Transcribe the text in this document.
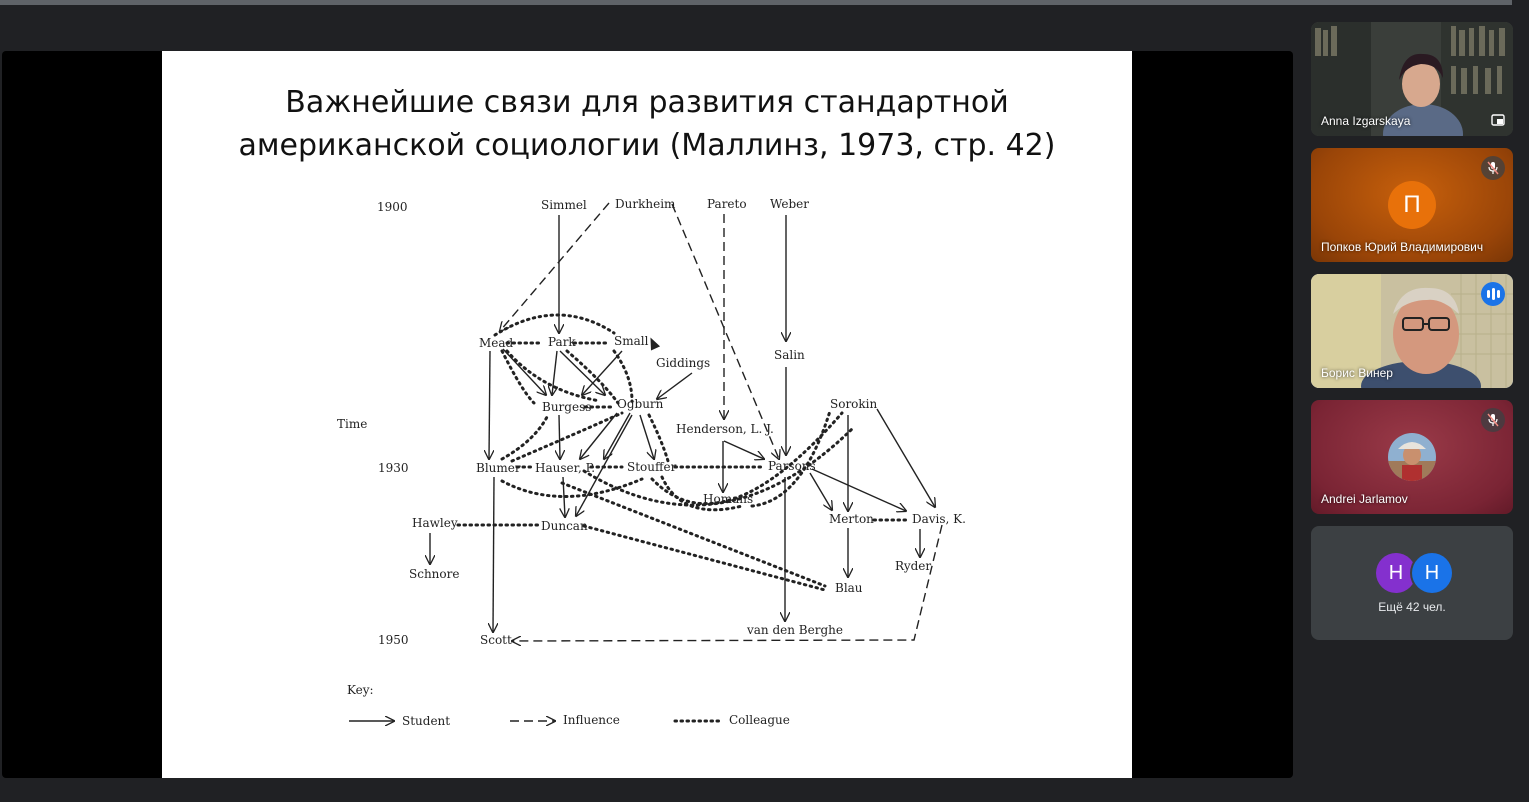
Важнейшие связи для развития стандартной
американской социологии (Маллинз, 1973, стр. 42)
1900
Time
1930
1950
Simmel Durkheim	Pareto Weber
Mead	Park	Small
Giddings
Salin
Burgess Ogburn	Sorokin
Henderson, L. J.
Blumer Hauser, P.	Stouffer	Parsons
Homans
Hawley	Duncan	Merton	Davis, K.
Schnore
Ryder
Blau
van den Berghe
Scott
Key:
Student	Influence	Colleague
Anna Izgarskaya
П
Попков Юрий Владимирович
Борис Винер
Andrei Jarlamov
Н	Н
Ещё 42 чел.
